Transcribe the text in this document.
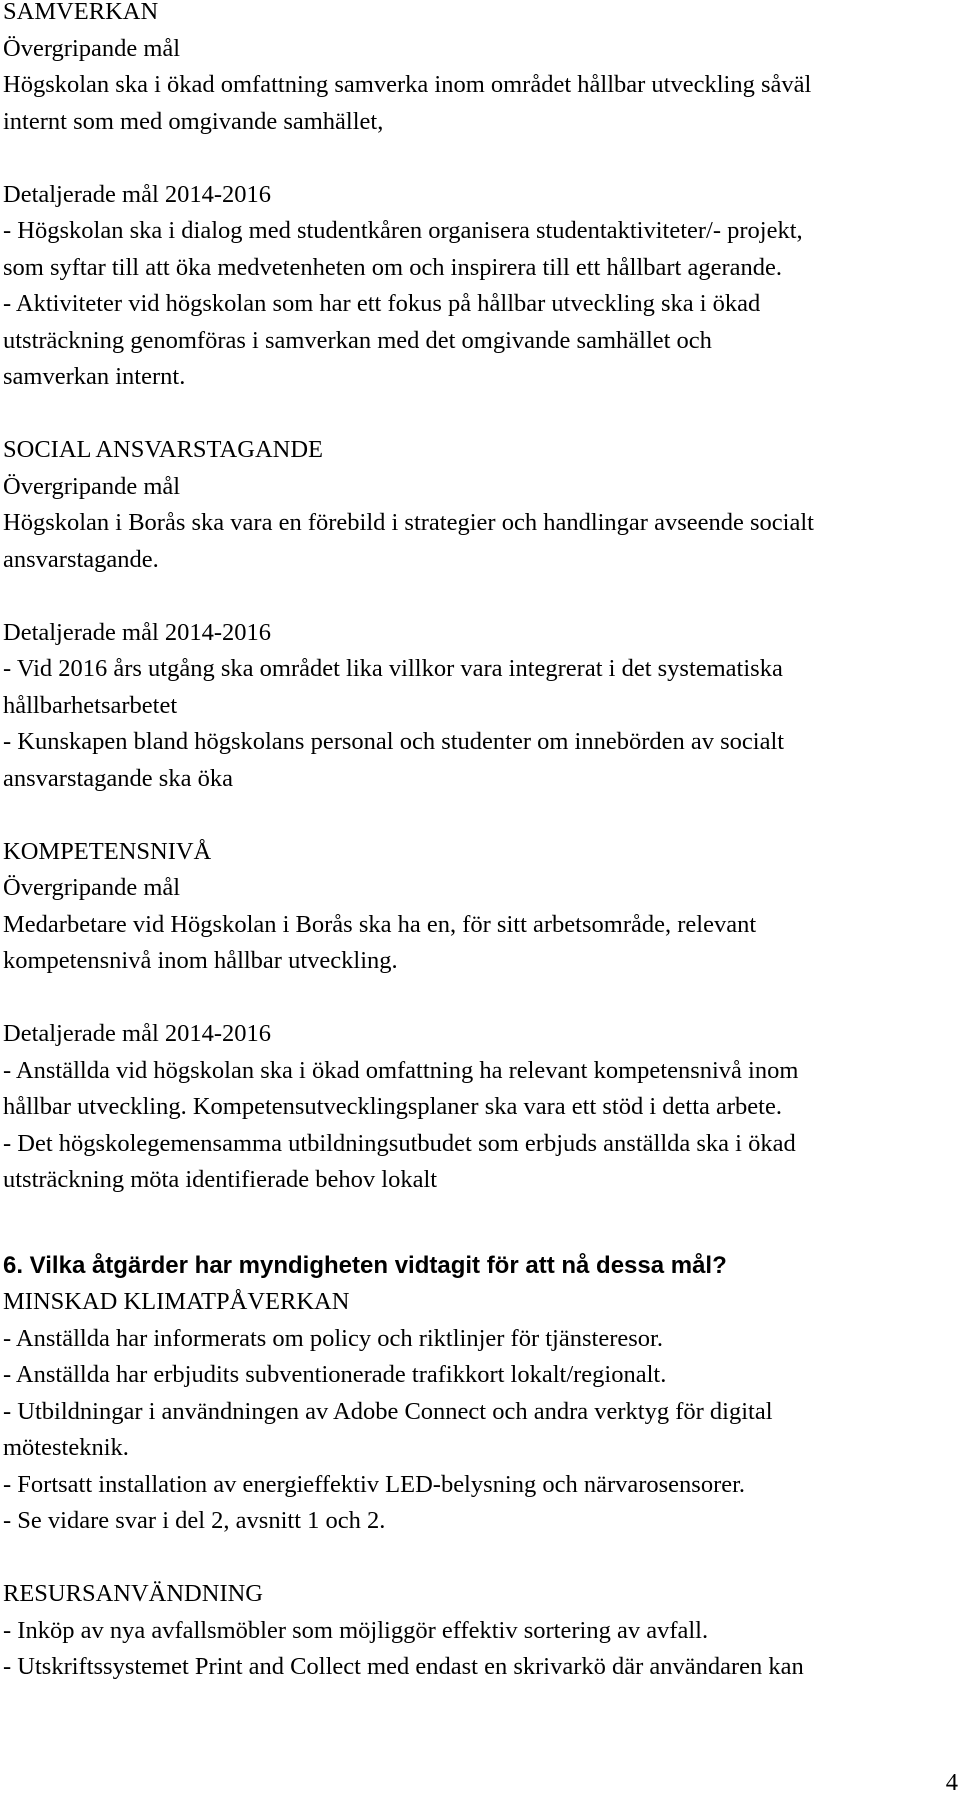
SAMVERKAN
Övergripande mål
Högskolan ska i ökad omfattning samverka inom området hållbar utveckling såväl
internt som med omgivande samhället,
Detaljerade mål 2014-2016
- Högskolan ska i dialog med studentkåren organisera studentaktiviteter/- projekt,
som syftar till att öka medvetenheten om och inspirera till ett hållbart agerande.
- Aktiviteter vid högskolan som har ett fokus på hållbar utveckling ska i ökad
utsträckning genomföras i samverkan med det omgivande samhället och
samverkan internt.
SOCIAL ANSVARSTAGANDE
Övergripande mål
Högskolan i Borås ska vara en förebild i strategier och handlingar avseende socialt
ansvarstagande.
Detaljerade mål 2014-2016
- Vid 2016 års utgång ska området lika villkor vara integrerat i det systematiska
hållbarhetsarbetet
- Kunskapen bland högskolans personal och studenter om innebörden av socialt
ansvarstagande ska öka
KOMPETENSNIVÅ
Övergripande mål
Medarbetare vid Högskolan i Borås ska ha en, för sitt arbetsområde, relevant
kompetensnivå inom hållbar utveckling.
Detaljerade mål 2014-2016
- Anställda vid högskolan ska i ökad omfattning ha relevant kompetensnivå inom
hållbar utveckling. Kompetensutvecklingsplaner ska vara ett stöd i detta arbete.
- Det högskolegemensamma utbildningsutbudet som erbjuds anställda ska i ökad
utsträckning möta identifierade behov lokalt
6. Vilka åtgärder har myndigheten vidtagit för att nå dessa mål?
MINSKAD KLIMATPÅVERKAN
- Anställda har informerats om policy och riktlinjer för tjänsteresor.
- Anställda har erbjudits subventionerade trafikkort lokalt/regionalt.
- Utbildningar i användningen av Adobe Connect och andra verktyg för digital
mötesteknik.
- Fortsatt installation av energieffektiv LED-belysning och närvarosensorer.
- Se vidare svar i del 2, avsnitt 1 och 2.
RESURSANVÄNDNING
- Inköp av nya avfallsmöbler som möjliggör effektiv sortering av avfall.
- Utskriftssystemet Print and Collect med endast en skrivarkö där användaren kan
4
